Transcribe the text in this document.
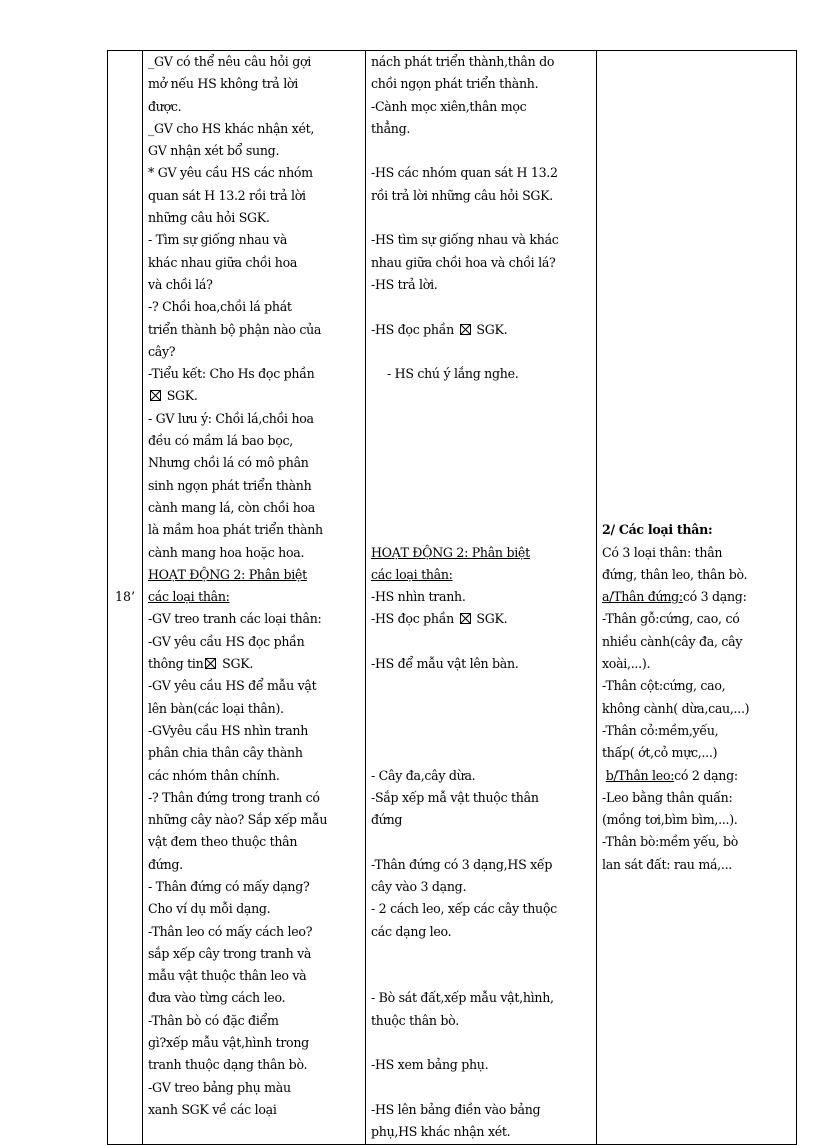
18’	
_GV có thể nêu câu hỏi gợi
mở nếu HS không trả lời
được.
_GV cho HS khác nhận xét,
GV nhận xét bổ sung.
* GV yêu cầu HS các nhóm
quan sát H 13.2 rồi trả lời
những câu hỏi SGK.
- Tìm sự giống nhau và
khác nhau giữa chồi hoa
và chồi lá?
-? Chồi hoa,chồi lá phát
triển thành bộ phận nào của
cây?
-Tiểu kết: Cho Hs đọc phần
SGK.
- GV lưu ý: Chồi lá,chồi hoa
đều có mầm lá bao bọc,
Nhưng chồi lá có mô phân
sinh ngọn phát triển thành
cành mang lá, còn chồi hoa
là mầm hoa phát triển thành
cành mang hoa hoặc hoa.
HOẠT ĐỘNG 2: Phân biệt
các loại thân:
-GV treo tranh các loại thân:
-GV yêu cầu HS đọc phần
thông tin SGK.
-GV yêu cầu HS để mẫu vật
lên bàn(các loại thân).
-GVyêu cầu HS nhìn tranh
phân chia thân cây thành
các nhóm thân chính.
-? Thân đứng trong tranh có
những cây nào? Sắp xếp mẫu
vật đem theo thuộc thân
đứng.
- Thân đứng có mấy dạng?
Cho ví dụ mỗi dạng.
-Thân leo có mấy cách leo?
sắp xếp cây trong tranh và
mẫu vật thuộc thân leo và
đưa vào từng cách leo.
-Thân bò có đặc điểm
gì?xếp mẫu vật,hình trong
tranh thuộc dạng thân bò.
-GV treo bảng phụ màu
xanh SGK về các loại

nách phát triển thành,thân do
chồi ngọn phát triển thành.
-Cành mọc xiên,thân mọc
thẳng.
-HS các nhóm quan sát H 13.2
rồi trả lời những câu hỏi SGK.
-HS tìm sự giống nhau và khác
nhau giữa chồi hoa và chồi lá?
-HS trả lời.
-HS đọc phần  SGK.
- HS chú ý lắng nghe.
HOẠT ĐỘNG 2: Phân biệt
các loại thân:
-HS nhìn tranh.
-HS đọc phần  SGK.
-HS để mẫu vật lên bàn.
- Cây đa,cây dừa.
-Sắp xếp mẫ vật thuộc thân
đứng
-Thân đứng có 3 dạng,HS xếp
cây vào 3 dạng.
- 2 cách leo, xếp các cây thuộc
các dạng leo.
- Bò sát đất,xếp mẫu vật,hình,
thuộc thân bò.
-HS xem bảng phụ.
-HS lên bảng điền vào bảng
phụ,HS khác nhận xét.

2/ Các loại thân:
Có 3 loại thân: thân
đứng, thân leo, thân bò.
a/Thân đứng:có 3 dạng:
-Thân gỗ:cứng, cao, có
nhiều cành(cây đa, cây
xoài,...).
-Thân cột:cứng, cao,
không cành( dừa,cau,...)
-Thân cỏ:mềm,yếu,
thấp( ớt,cỏ mực,...)
b/Thân leo:có 2 dạng:
-Leo bằng thân quấn:
(mồng tơi,bìm bìm,...).
-Thân bò:mềm yếu, bò
lan sát đất: rau má,...
